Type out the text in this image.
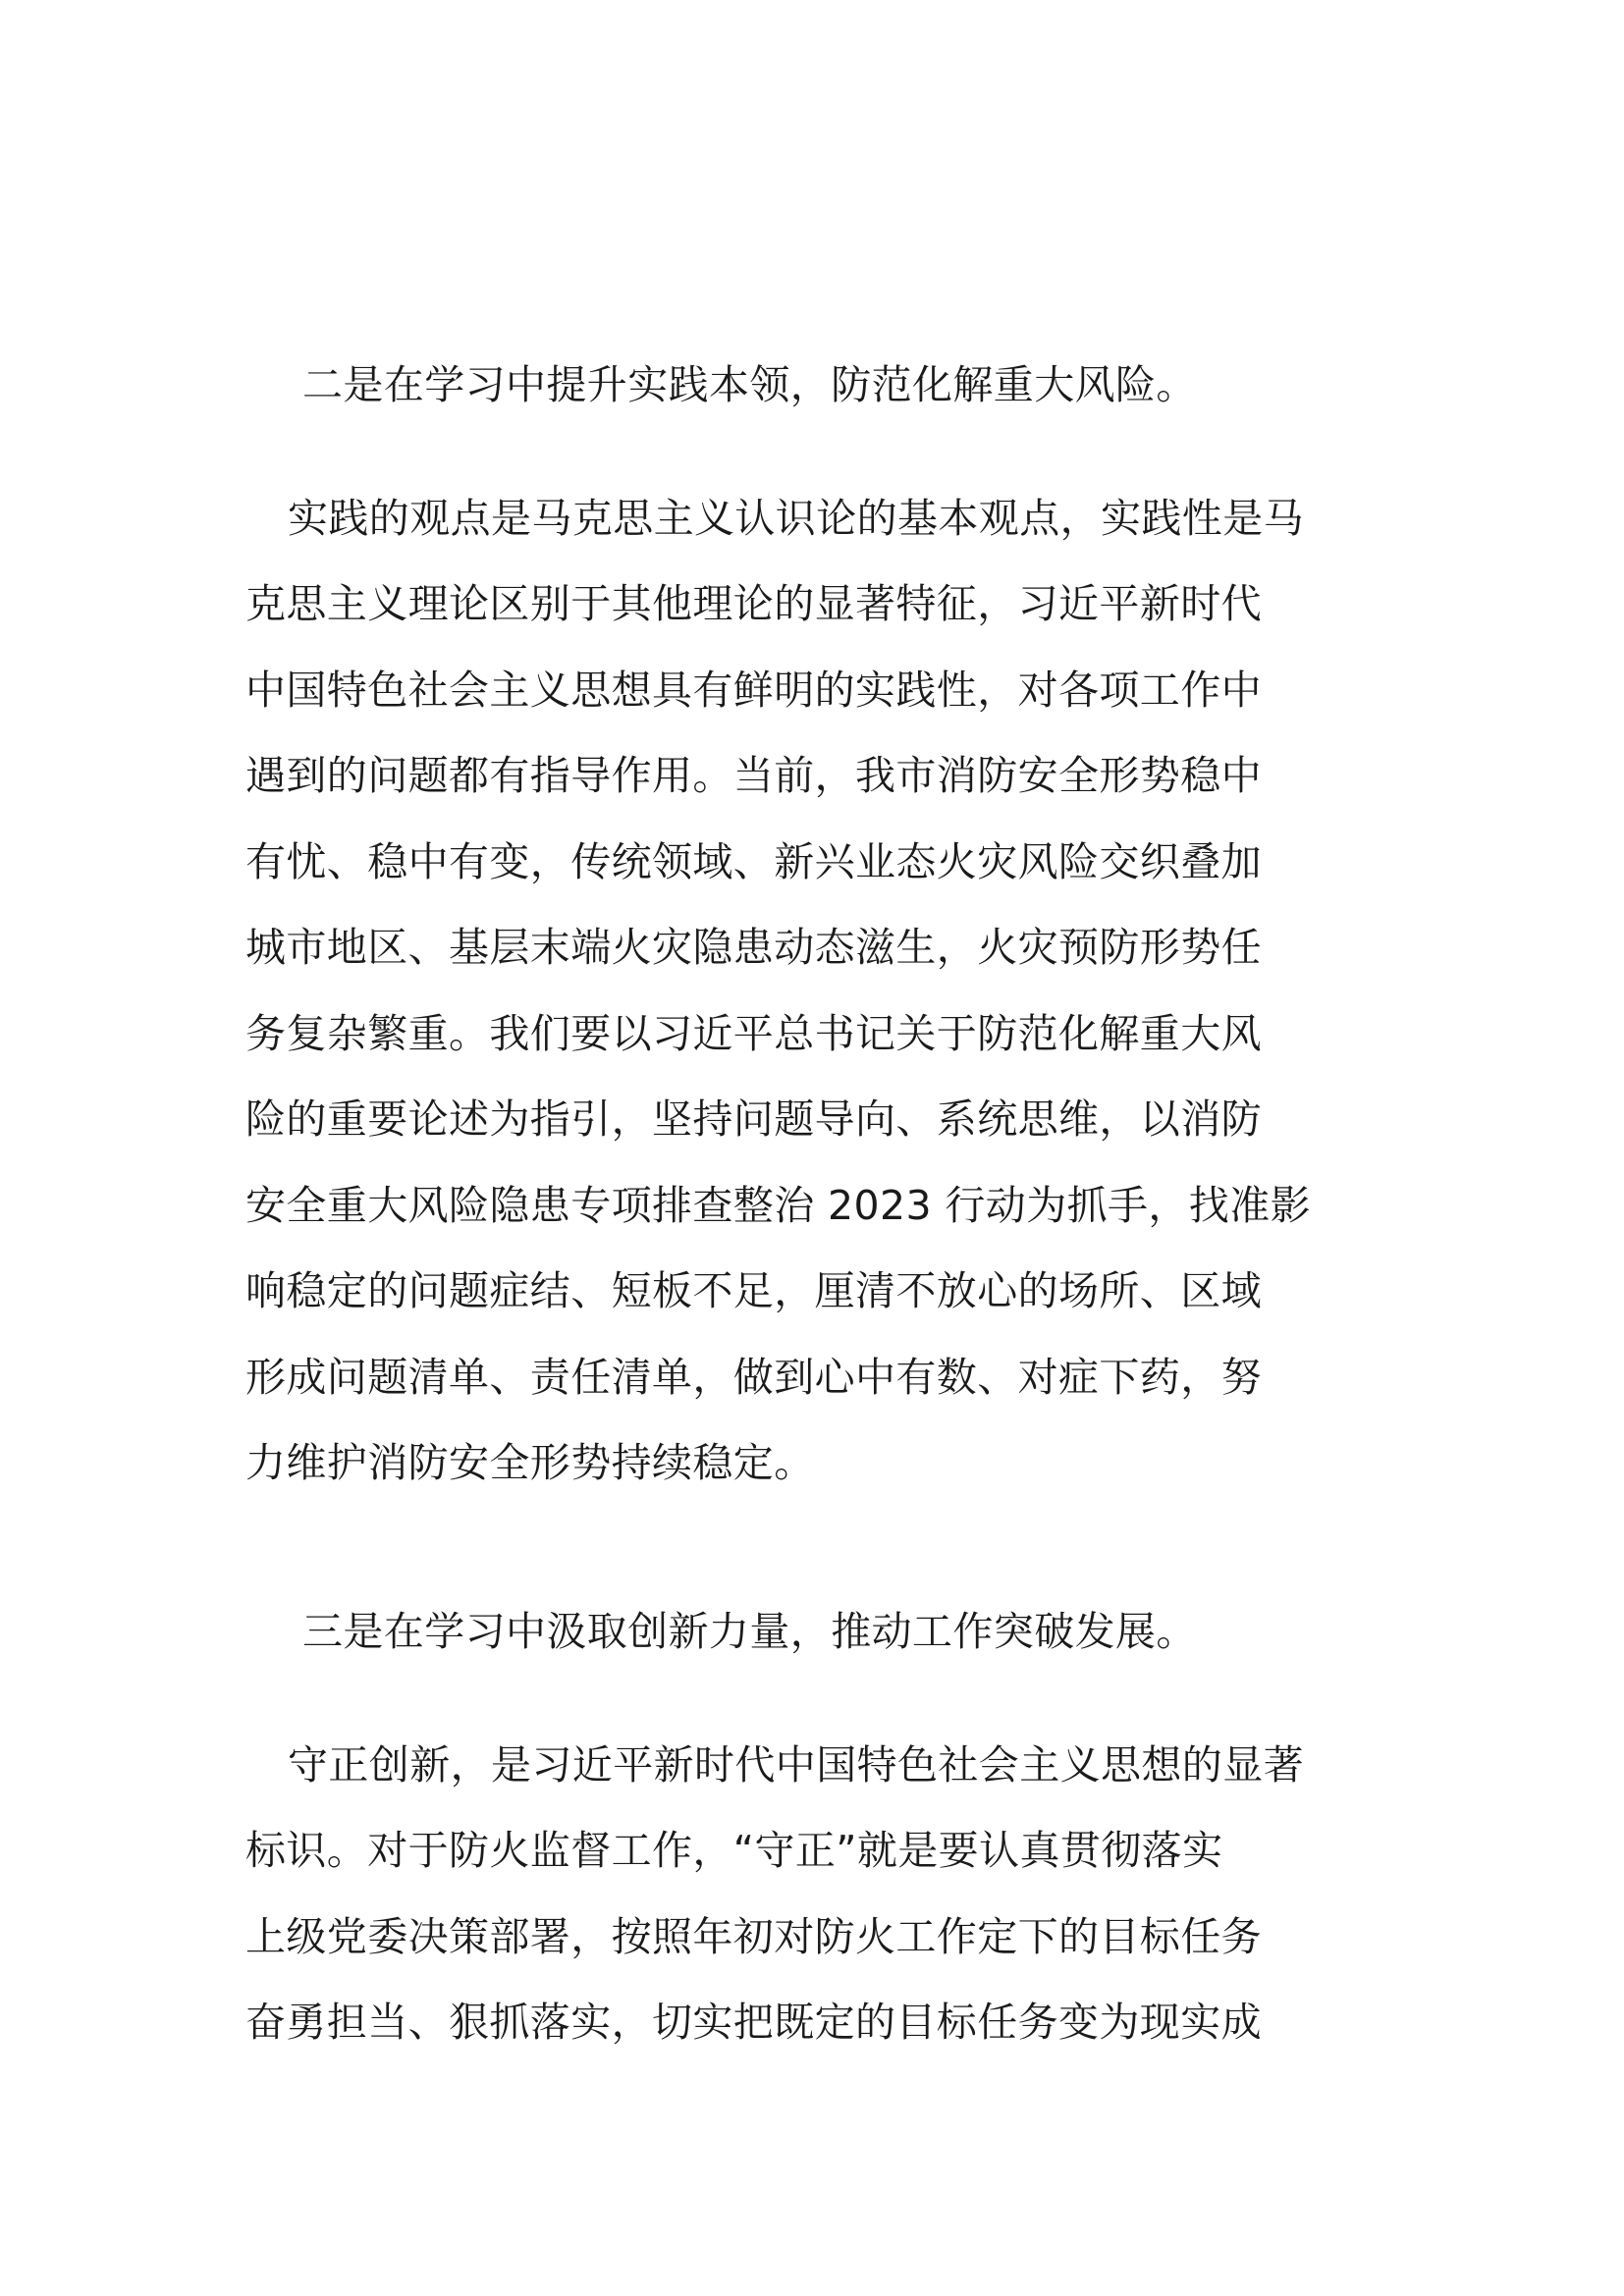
二是在学习中提升实践本领，防范化解重大风险。
实践的观点是马克思主义认识论的基本观点，实践性是马
克思主义理论区别于其他理论的显著特征，习近平新时代
中国特色社会主义思想具有鲜明的实践性，对各项工作中
遇到的问题都有指导作用。当前，我市消防安全形势稳中
有忧、稳中有变，传统领域、新兴业态火灾风险交织叠加
城市地区、基层末端火灾隐患动态滋生，火灾预防形势任
务复杂繁重。我们要以习近平总书记关于防范化解重大风
险的重要论述为指引，坚持问题导向、系统思维，以消防
安全重大风险隐患专项排查整治 2023 行动为抓手，找准影
响稳定的问题症结、短板不足，厘清不放心的场所、区域
形成问题清单、责任清单，做到心中有数、对症下药，努
力维护消防安全形势持续稳定。
三是在学习中汲取创新力量，推动工作突破发展。
守正创新，是习近平新时代中国特色社会主义思想的显著
标识。对于防火监督工作，“守正”就是要认真贯彻落实
上级党委决策部署，按照年初对防火工作定下的目标任务
奋勇担当、狠抓落实，切实把既定的目标任务变为现实成
